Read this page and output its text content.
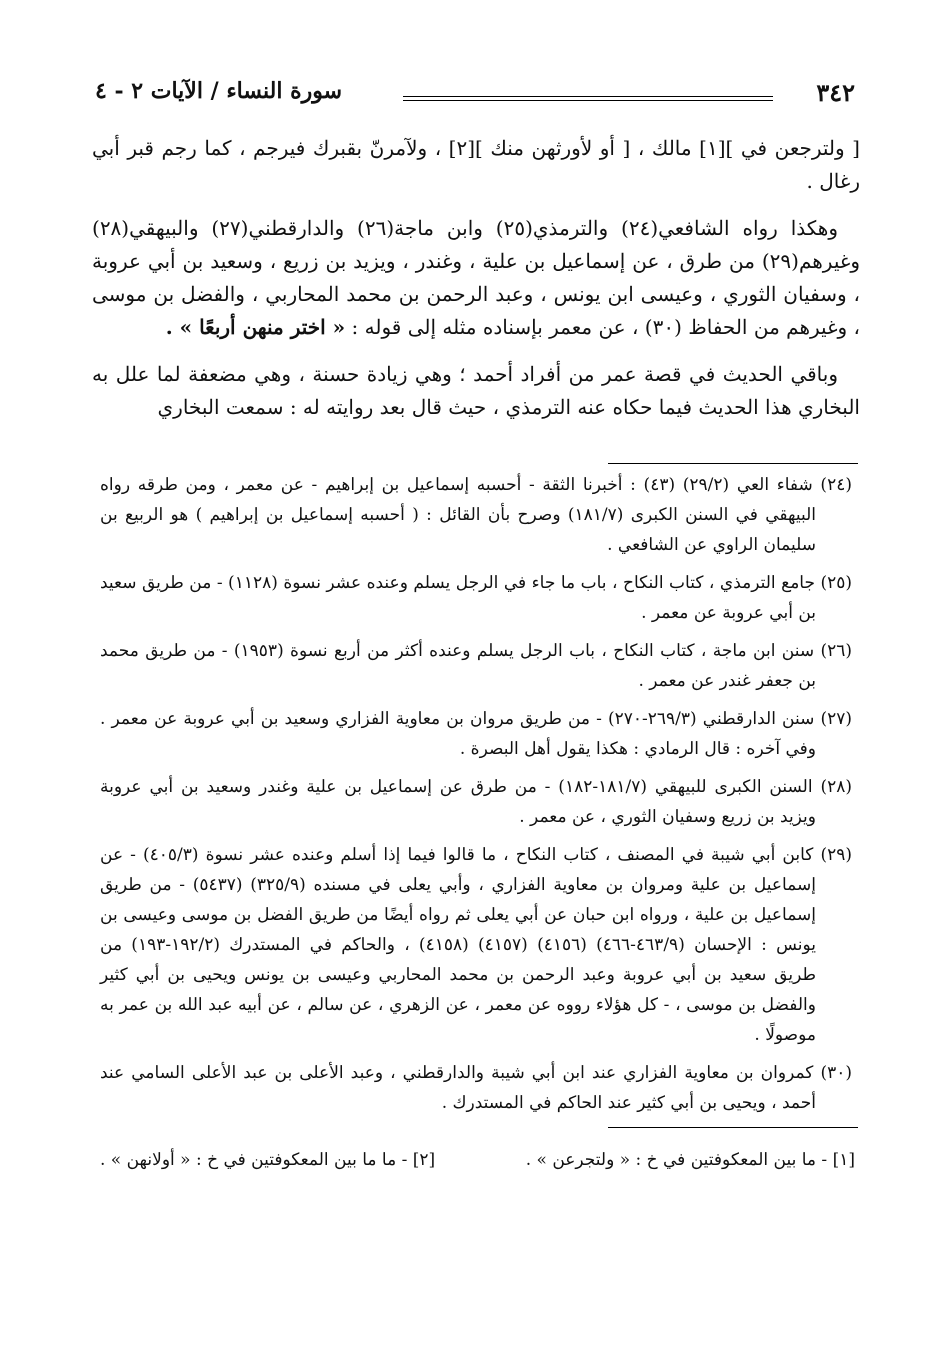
٣٤٢
سورة النساء / الآيات ٢ - ٤

[ ولترجعن في ][١] مالك ، [ أو لأورثهن منك ][٢] ، ولآمرنّ بقبرك فيرجم ، كما رجم قبر أبي رغال .

وهكذا رواه الشافعي(٢٤) والترمذي(٢٥) وابن ماجة(٢٦) والدارقطني(٢٧) والبيهقي(٢٨) وغيرهم(٢٩) من طرق ، عن إسماعيل بن علية ، وغندر ، ويزيد بن زريع ، وسعيد بن أبي عروبة ، وسفيان الثوري ، وعيسى ابن يونس ، وعبد الرحمن بن محمد المحاربي ، والفضل بن موسى ، وغيرهم من الحفاظ (٣٠) ، عن معمر بإسناده مثله إلى قوله : « اختر منهن أربعًا » .

وباقي الحديث في قصة عمر من أفراد أحمد ؛ وهي زيادة حسنة ، وهي مضعفة لما علل به البخاري هذا الحديث فيما حكاه عنه الترمذي ، حيث قال بعد روايته له : سمعت البخاري

(٢٤) شفاء العي (٢٩/٢) (٤٣) : أخبرنا الثقة - أحسبه إسماعيل بن إبراهيم - عن معمر ، ومن طرقه رواه البيهقي في السنن الكبرى (١٨١/٧) وصرح بأن القائل : ( أحسبه إسماعيل بن إبراهيم ) هو الربيع بن سليمان الراوي عن الشافعي .

(٢٥) جامع الترمذي ، كتاب النكاح ، باب ما جاء في الرجل يسلم وعنده عشر نسوة (١١٢٨) - من طريق سعيد بن أبي عروبة عن معمر .

(٢٦) سنن ابن ماجة ، كتاب النكاح ، باب الرجل يسلم وعنده أكثر من أربع نسوة (١٩٥٣) - من طريق محمد بن جعفر غندر عن معمر .

(٢٧) سنن الدارقطني (٢٦٩/٣-٢٧٠) - من طريق مروان بن معاوية الفزاري وسعيد بن أبي عروبة عن معمر . وفي آخره : قال الرمادي : هكذا يقول أهل البصرة .

(٢٨) السنن الكبرى للبيهقي (١٨١/٧-١٨٢) - من طرق عن إسماعيل بن علية وغندر وسعيد بن أبي عروبة ويزيد بن زريع وسفيان الثوري ، عن معمر .

(٢٩) كابن أبي شيبة في المصنف ، كتاب النكاح ، ما قالوا فيما إذا أسلم وعنده عشر نسوة (٤٠٥/٣) - عن إسماعيل بن علية ومروان بن معاوية الفزاري ، وأبي يعلى في مسنده (٣٢٥/٩) (٥٤٣٧) - من طريق إسماعيل بن علية ، ورواه ابن حبان عن أبي يعلى ثم رواه أيضًا من طريق الفضل بن موسى وعيسى بن يونس : الإحسان (٤٦٣/٩-٤٦٦) (٤١٥٦) (٤١٥٧) (٤١٥٨) ، والحاكم في المستدرك (١٩٢/٢-١٩٣) من طريق سعيد بن أبي عروبة وعبد الرحمن بن محمد المحاربي وعيسى بن يونس ويحيى بن أبي كثير والفضل بن موسى ، - كل هؤلاء رووه عن معمر ، عن الزهري ، عن سالم ، عن أبيه عبد الله بن عمر به موصولًا .

(٣٠) كمروان بن معاوية الفزاري عند ابن أبي شيبة والدارقطني ، وعبد الأعلى بن عبد الأعلى السامي عند أحمد ، ويحيى بن أبي كثير عند الحاكم في المستدرك .

[١] - ما بين المعكوفتين في خ : « ولتجرعن » .
[٢] - ما ما بين المعكوفتين في خ : « أولانهن » .
